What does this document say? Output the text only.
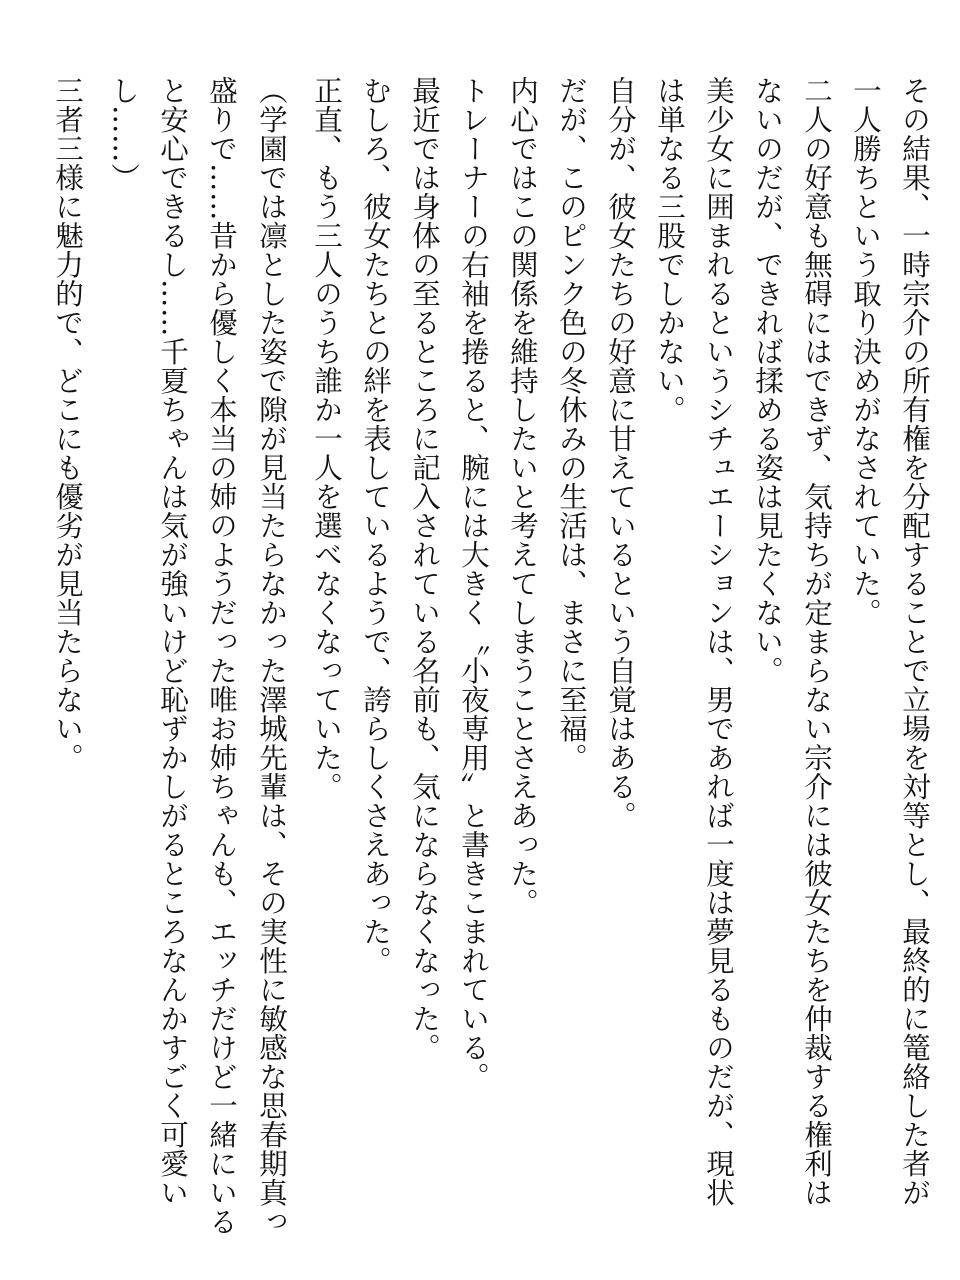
その結果、一時宗介の所有権を分配することで立場を対等とし、最終的に篭絡した者が
一人勝ちという取り決めがなされていた。
二人の好意も無碍にはできず、気持ちが定まらない宗介には彼女たちを仲裁する権利は
ないのだが、できれば揉める姿は見たくない。
美少女に囲まれるというシチュエーションは、男であれば一度は夢見るものだが、現状
は単なる三股でしかない。
自分が、彼女たちの好意に甘えているという自覚はある。
だが、このピンク色の冬休みの生活は、まさに至福。
内心ではこの関係を維持したいと考えてしまうことさえあった。
トレーナーの右袖を捲ると、腕には大きく〝小夜専用〟と書きこまれている。
最近では身体の至るところに記入されている名前も、気にならなくなった。
むしろ、彼女たちとの絆を表しているようで、誇らしくさえあった。
正直、もう三人のうち誰か一人を選べなくなっていた。
（学園では凛とした姿で隙が見当たらなかった澤城先輩は、その実性に敏感な思春期真っ
盛りで……昔から優しく本当の姉のようだった唯お姉ちゃんも、エッチだけど一緒にいる
と安心できるし……千夏ちゃんは気が強いけど恥ずかしがるところなんかすごく可愛い
し……）
三者三様に魅力的で、どこにも優劣が見当たらない。
